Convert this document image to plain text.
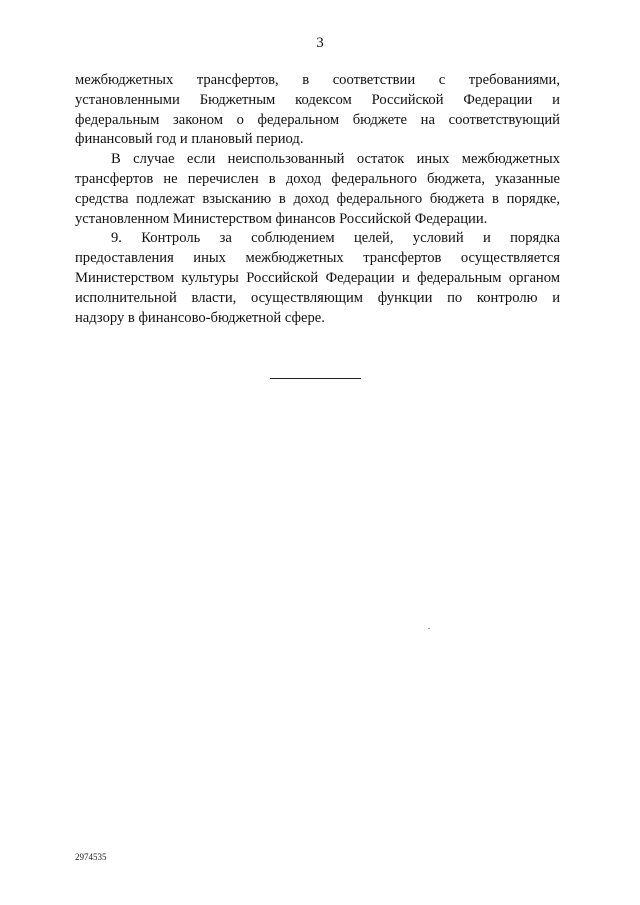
3

межбюджетных трансфертов, в соответствии с требованиями,
установленными Бюджетным кодексом Российской Федерации и
федеральным законом о федеральном бюджете на соответствующий
финансовый год и плановый период.

В случае если неиспользованный остаток иных межбюджетных
трансфертов не перечислен в доход федерального бюджета, указанные
средства подлежат взысканию в доход федерального бюджета в порядке,
установленном Министерством финансов Российской Федерации.

9. Контроль за соблюдением целей, условий и порядка
предоставления иных межбюджетных трансфертов осуществляется
Министерством культуры Российской Федерации и федеральным органом
исполнительной власти, осуществляющим функции по контролю и
надзору в финансово-бюджетной сфере.

2974535
